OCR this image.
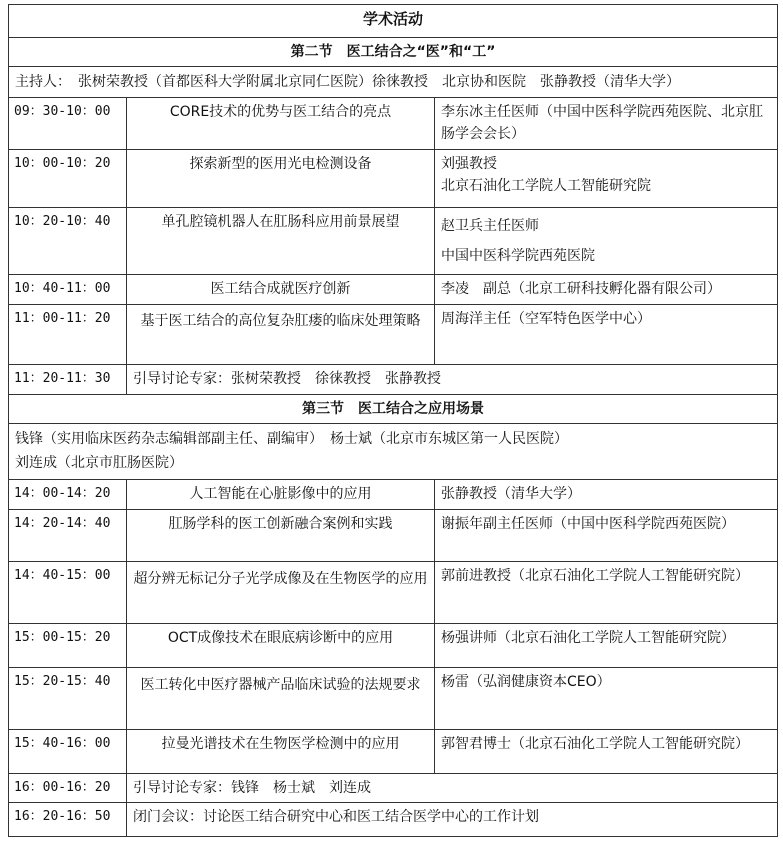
学术活动		
第二节　医工结合之“医”和“工”		
主持人：　张树荣教授（首都医科大学附属北京同仁医院）徐徕教授　北京协和医院　张静教授（清华大学）		
09：30-10：00	CORE技术的优势与医工结合的亮点	李东冰主任医师（中国中医科学院西苑医院、北京肛肠学会会长）
10：00-10：20	探索新型的医用光电检测设备	刘强教授
北京石油化工学院人工智能研究院
10：20-10：40	单孔腔镜机器人在肛肠科应用前景展望	赵卫兵主任医师
中国中医科学院西苑医院
10：40-11：00	医工结合成就医疗创新	李凌　副总（北京工研科技孵化器有限公司）
11：00-11：20	基于医工结合的高位复杂肛瘘的临床处理策略	周海洋主任（空军特色医学中心）
11：20-11：30	引导讨论专家：张树荣教授　徐徕教授　张静教授	
第三节　医工结合之应用场景		

钱锋（实用临床医药杂志编辑部副主任、副编审）　杨士斌（北京市东城区第一人民医院）
刘连成（北京市肛肠医院）		

14：00-14：20	人工智能在心脏影像中的应用	张静教授（清华大学）
14：20-14：40	肛肠学科的医工创新融合案例和实践	谢振年副主任医师（中国中医科学院西苑医院）
14：40-15：00	超分辨无标记分子光学成像及在生物医学的应用	郭前进教授（北京石油化工学院人工智能研究院）
15：00-15：20	OCT成像技术在眼底病诊断中的应用	杨强讲师（北京石油化工学院人工智能研究院）
15：20-15：40	医工转化中医疗器械产品临床试验的法规要求	杨雷（弘润健康资本CEO）
15：40-16：00	拉曼光谱技术在生物医学检测中的应用	郭智君博士（北京石油化工学院人工智能研究院）
16：00-16：20	引导讨论专家：钱锋　杨士斌　刘连成	
16：20-16：50	闭门会议：讨论医工结合研究中心和医工结合医学中心的工作计划	
